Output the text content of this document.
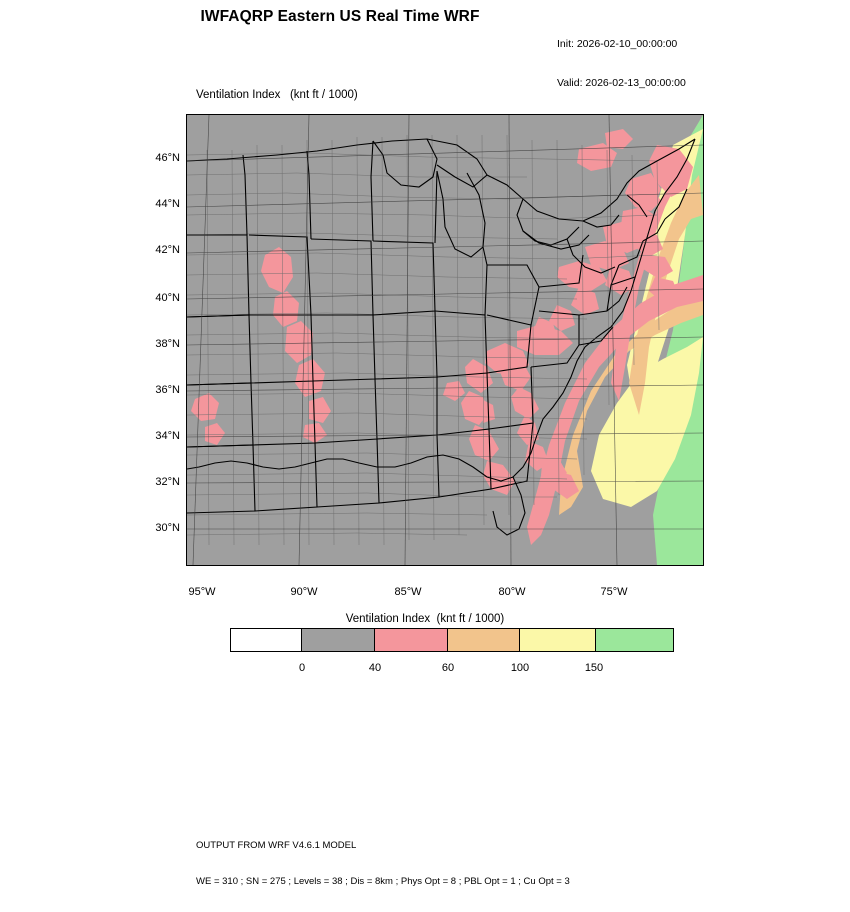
IWFAQRP Eastern US Real Time WRF

Init: 2026-02-10_00:00:00

Valid: 2026-02-13_00:00:00

Ventilation Index   (knt ft / 1000)
46°N
44°N
42°N
40°N
38°N
36°N
34°N
32°N
30°N
95°W	90°W	85°W	80°W	75°W
Ventilation Index  (knt ft / 1000)
0	40	60	100	150

OUTPUT FROM WRF V4.6.1 MODEL

WE = 310 ; SN = 275 ; Levels = 38 ; Dis = 8km ; Phys Opt = 8 ; PBL Opt = 1 ; Cu Opt = 3
